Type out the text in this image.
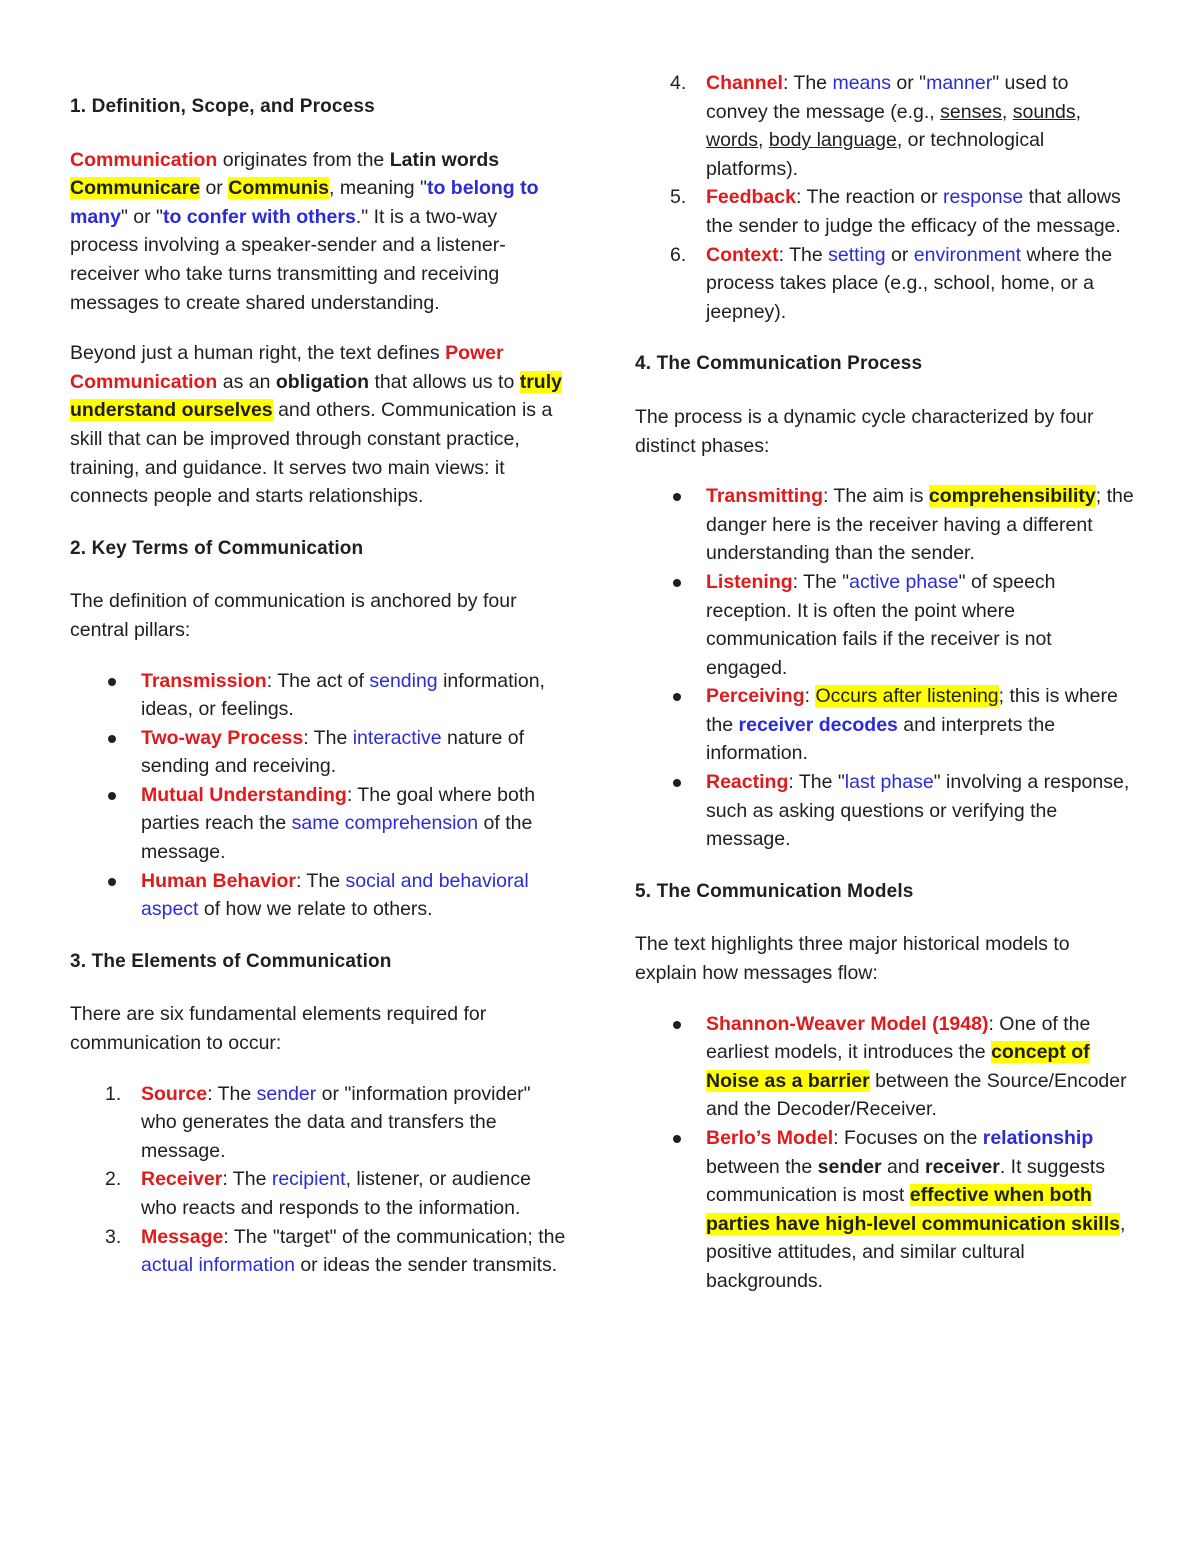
1. Definition, Scope, and Process

Communication originates from the Latin words Communicare or Communis, meaning "to belong to many" or "to confer with others." It is a two-way process involving a speaker-sender and a listener-receiver who take turns transmitting and receiving messages to create shared understanding.

Beyond just a human right, the text defines Power Communication as an obligation that allows us to truly understand ourselves and others. Communication is a skill that can be improved through constant practice, training, and guidance. It serves two main views: it connects people and starts relationships.

2. Key Terms of Communication

The definition of communication is anchored by four central pillars:

Transmission: The act of sending information, ideas, or feelings.
Two-way Process: The interactive nature of sending and receiving.
Mutual Understanding: The goal where both parties reach the same comprehension of the message.
Human Behavior: The social and behavioral aspect of how we relate to others.
3. The Elements of Communication

There are six fundamental elements required for communication to occur:

1. Source: The sender or "information provider" who generates the data and transfers the message.
2. Receiver: The recipient, listener, or audience who reacts and responds to the information.
3. Message: The "target" of the communication; the actual information or ideas the sender transmits.
4. Channel: The means or "manner" used to convey the message (e.g., senses, sounds, words, body language, or technological platforms).
5. Feedback: The reaction or response that allows the sender to judge the efficacy of the message.
6. Context: The setting or environment where the process takes place (e.g., school, home, or a jeepney).
4. The Communication Process

The process is a dynamic cycle characterized by four distinct phases:

Transmitting: The aim is comprehensibility; the danger here is the receiver having a different understanding than the sender.
Listening: The "active phase" of speech reception. It is often the point where communication fails if the receiver is not engaged.
Perceiving: Occurs after listening; this is where the receiver decodes and interprets the information.
Reacting: The "last phase" involving a response, such as asking questions or verifying the message.
5. The Communication Models

The text highlights three major historical models to explain how messages flow:

Shannon-Weaver Model (1948): One of the earliest models, it introduces the concept of Noise as a barrier between the Source/Encoder and the Decoder/Receiver.
Berlo’s Model: Focuses on the relationship between the sender and receiver. It suggests communication is most effective when both parties have high-level communication skills, positive attitudes, and similar cultural backgrounds.
